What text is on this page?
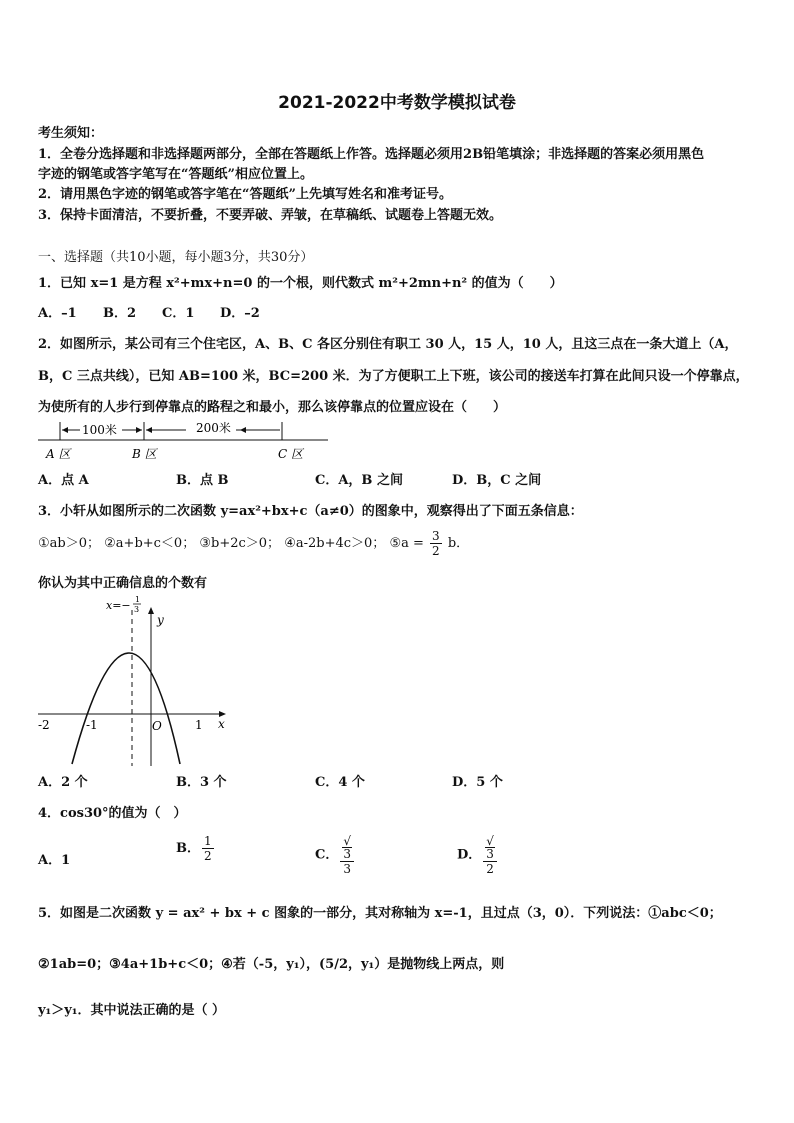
2021-2022中考数学模拟试卷
考生须知：
1．全卷分选择题和非选择题两部分，全部在答题纸上作答。选择题必须用2B铅笔填涂；非选择题的答案必须用黑色
字迹的钢笔或答字笔写在“答题纸”相应位置上。
2．请用黑色字迹的钢笔或答字笔在“答题纸”上先填写姓名和准考证号。
3．保持卡面清洁，不要折叠，不要弄破、弄皱，在草稿纸、试题卷上答题无效。
一、选择题（共10小题，每小题3分，共30分）
1．已知 x=1 是方程 x²+mx+n=0 的一个根，则代数式 m²+2mn+n² 的值为（　　）
A．–1 B．2 C．1 D．–2
2．如图所示，某公司有三个住宅区，A、B、C 各区分别住有职工 30 人，15 人，10 人，且这三点在一条大道上（A，
B，C 三点共线），已知 AB=100 米，BC=200 米．为了方便职工上下班，该公司的接送车打算在此间只设一个停靠点，
为使所有的人步行到停靠点的路程之和最小，那么该停靠点的位置应设在（　　）
100米	200米
A 区	B 区	C 区
A．点 A	B．点 B	C．A，B 之间	D．B，C 之间
3．小轩从如图所示的二次函数 y=ax²+bx+c（a≠0）的图象中，观察得出了下面五条信息：
①ab＞0； ②a+b+c＜0； ③b+2c＞0； ④a-2b+4c＞0； ⑤a = $\frac{3}{2}$ b．
你认为其中正确信息的个数有
x=− 1
3
y
x
O
-2	-1	1
A．2 个	B．3 个	C．4 个	D．5 个
4．cos30°的值为（　）
A．1
B． $\frac{1}{2}$	C． √
3
3	D． √
3
2
5．如图是二次函数 y = ax² + bx + c 图象的一部分，其对称轴为 x=-1，且过点（3，0）．下列说法：①abc＜0；
②1ab=0；③4a+1b+c＜0；④若（-5，y₁），(5/2，y₁）是抛物线上两点，则
y₁＞y₁．其中说法正确的是（ ）
